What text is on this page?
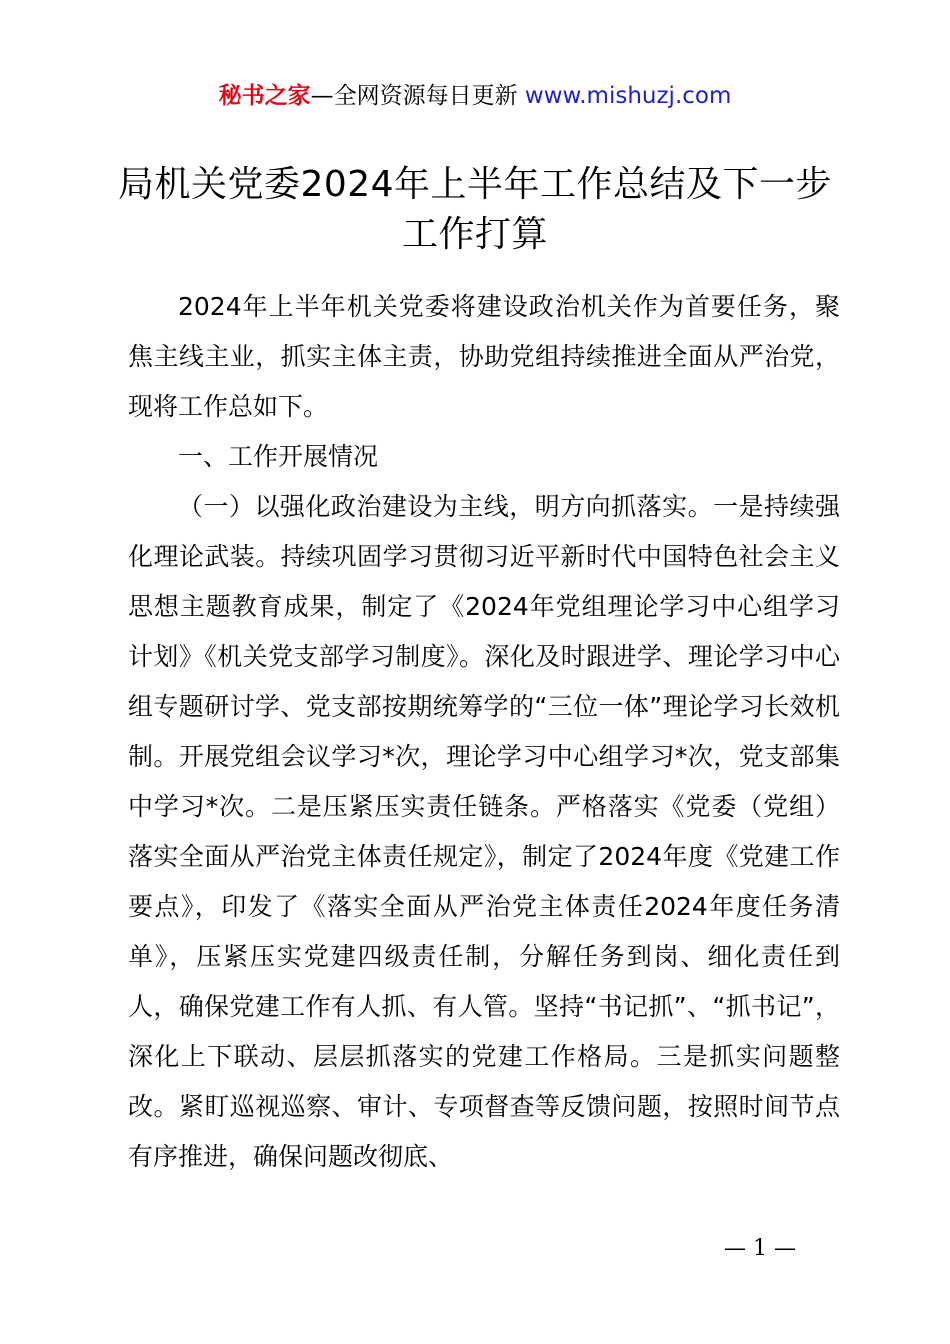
秘书之家—全网资源每日更新 www.mishuzj.com
局机关党委2024年上半年工作总结及下一步工作打算

2024年上半年机关党委将建设政治机关作为首要任务，聚焦主线主业，抓实主体主责，协助党组持续推进全面从严治党，现将工作总如下。

一、工作开展情况

（一）以强化政治建设为主线，明方向抓落实。一是持续强化理论武装。持续巩固学习贯彻习近平新时代中国特色社会主义思想主题教育成果，制定了《2024年党组理论学习中心组学习计划》《机关党支部学习制度》。深化及时跟进学、理论学习中心组专题研讨学、党支部按期统筹学的“三位一体”理论学习长效机制。开展党组会议学习*次，理论学习中心组学习*次，党支部集中学习*次。二是压紧压实责任链条。严格落实《党委（党组）落实全面从严治党主体责任规定》，制定了2024年度《党建工作要点》，印发了《落实全面从严治党主体责任2024年度任务清单》，压紧压实党建四级责任制，分解任务到岗、细化责任到人，确保党建工作有人抓、有人管。坚持“书记抓”、“抓书记”，深化上下联动、层层抓落实的党建工作格局。三是抓实问题整改。紧盯巡视巡察、审计、专项督查等反馈问题，按照时间节点有序推进，确保问题改彻底、

— 1 —
